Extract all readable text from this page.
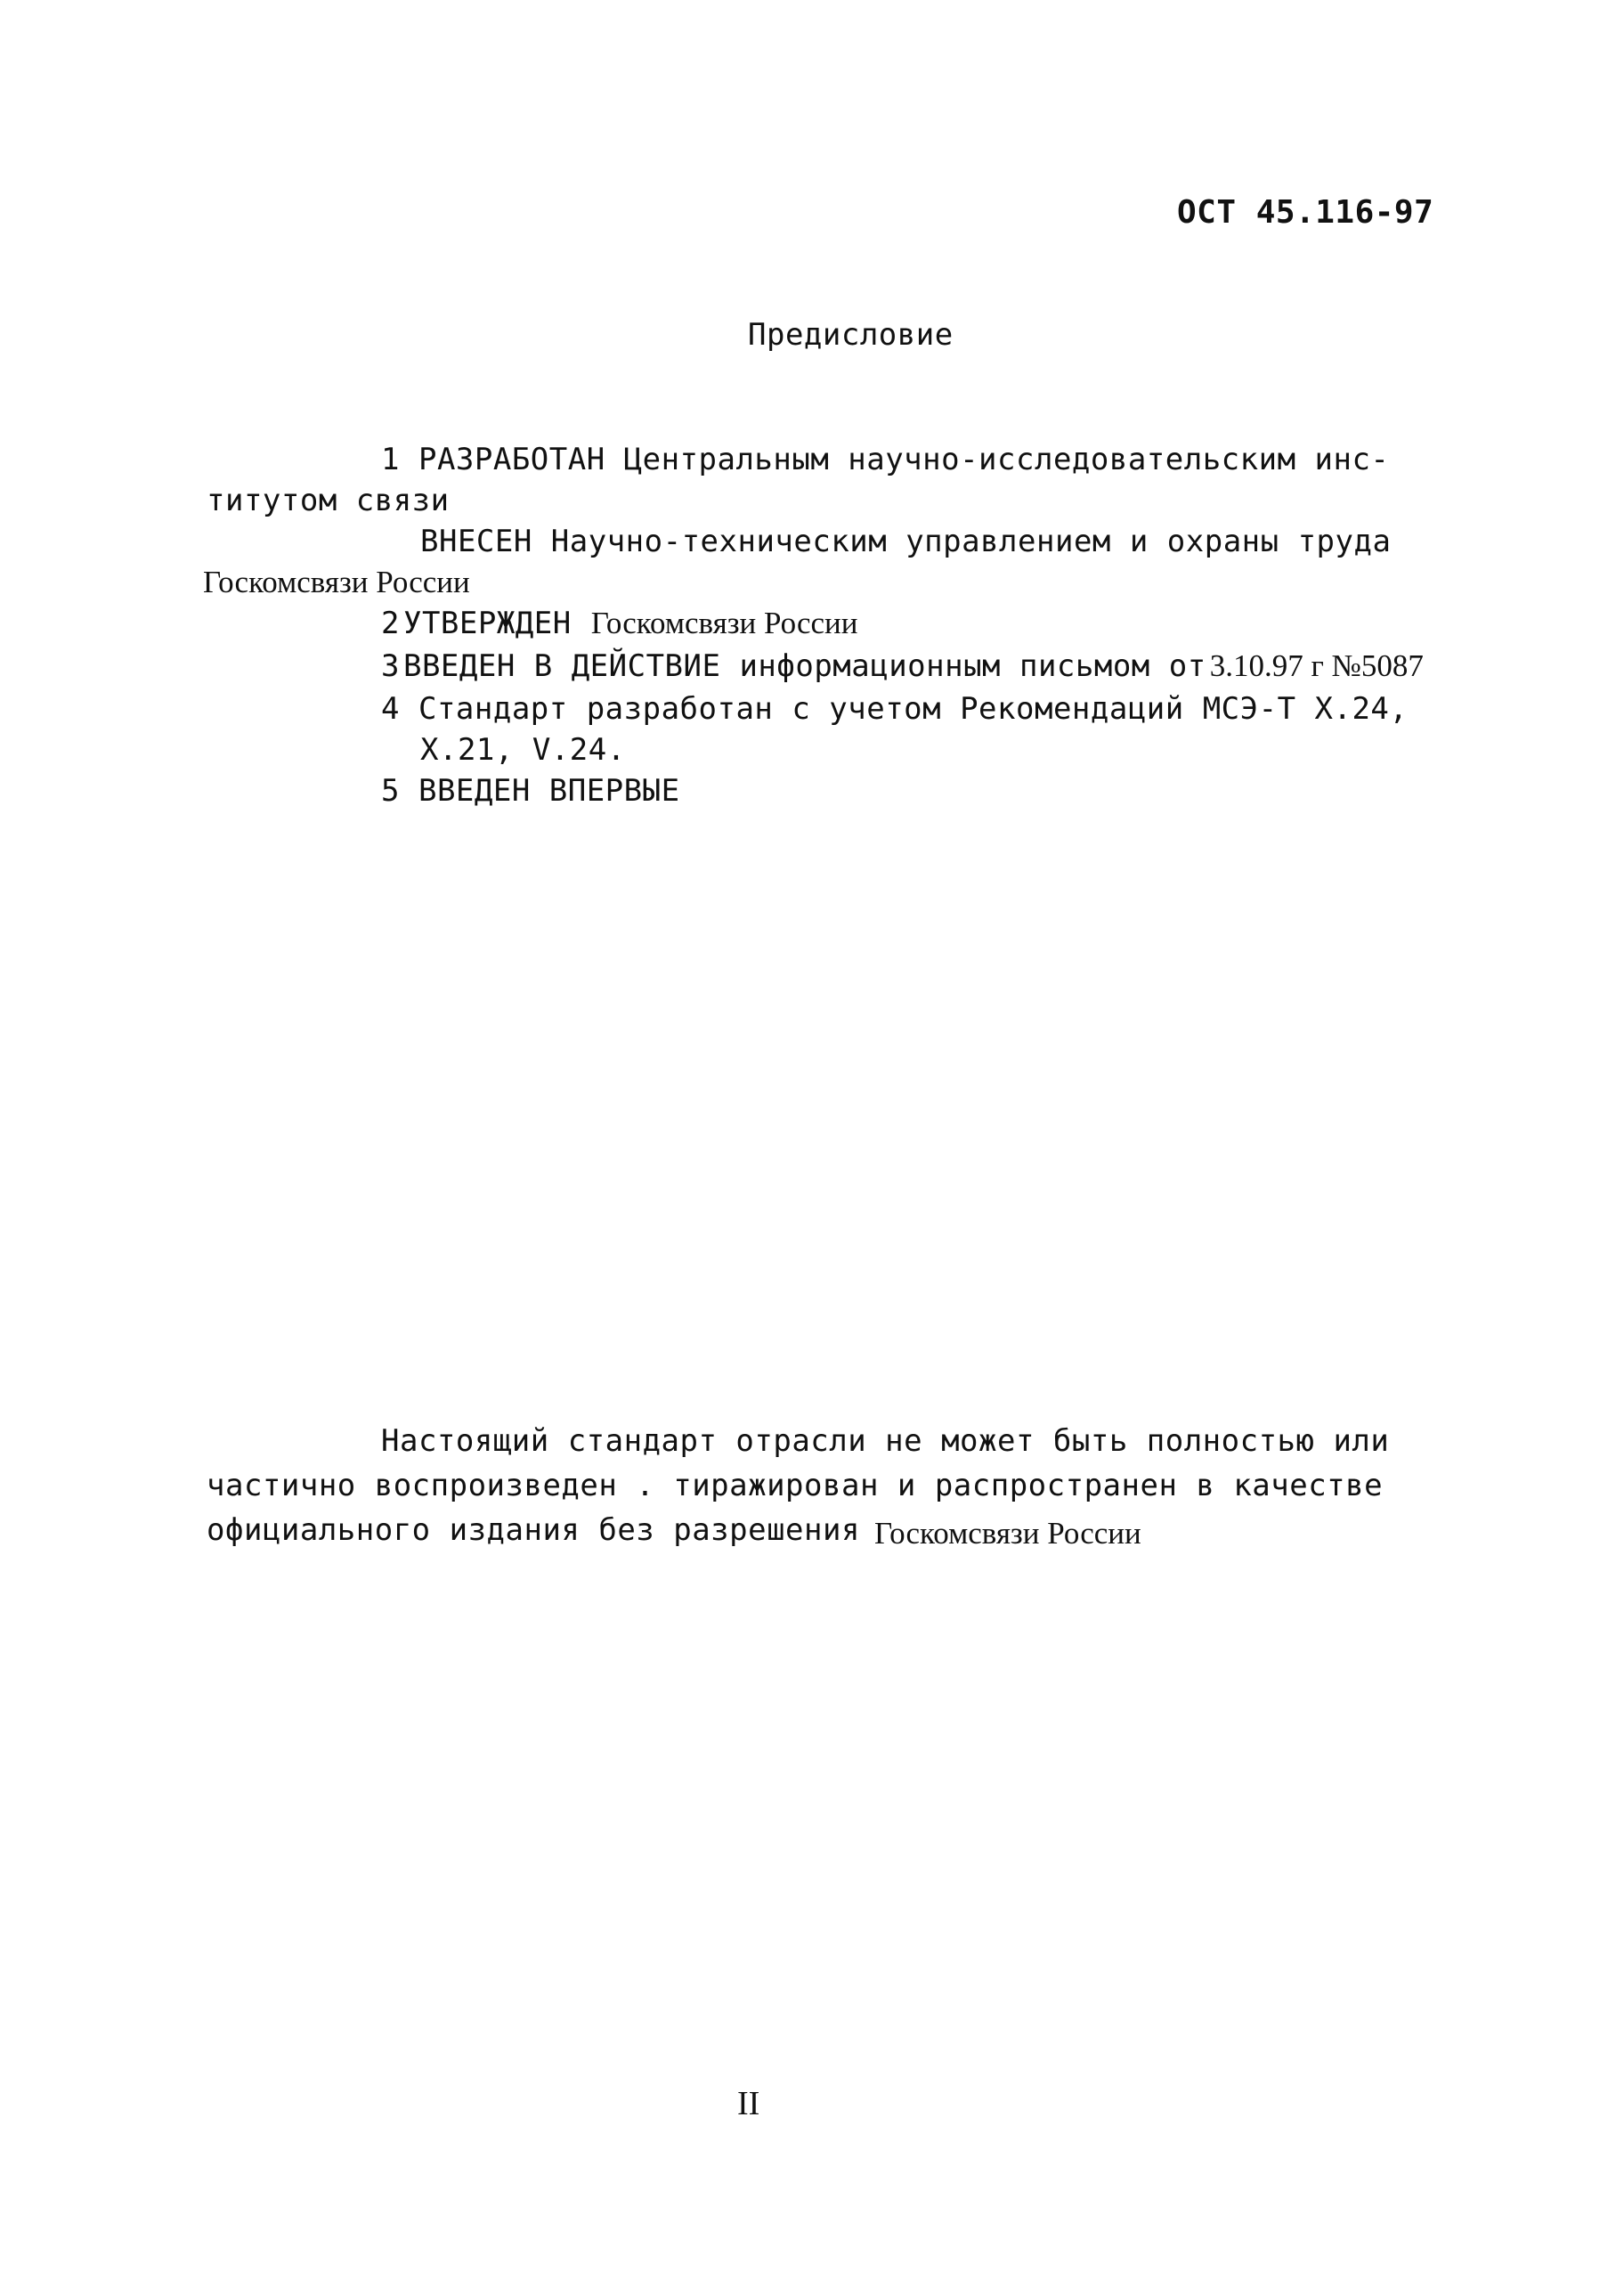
ОСТ 45.116-97
Предисловие
1 РАЗРАБОТАН Центральным научно-исследовательским инс-
титутом связи
ВНЕСЕН Научно-техническим управлением и охраны труда
Госкомсвязи России
2 УТВЕРЖДЕН Госкомсвязи России
3 ВВЕДЕН В ДЕЙСТВИЕ информационным письмом от 3.10.97 г №5087
4 Стандарт разработан с учетом Рекомендаций МСЭ-Т Х.24,
Х.21, V.24.
5 ВВЕДЕН ВПЕРВЫЕ
Настоящий стандарт отрасли не может быть полностью или
частично воспроизведен . тиражирован и распространен в качестве
официального издания без разрешения Госкомсвязи России
II
